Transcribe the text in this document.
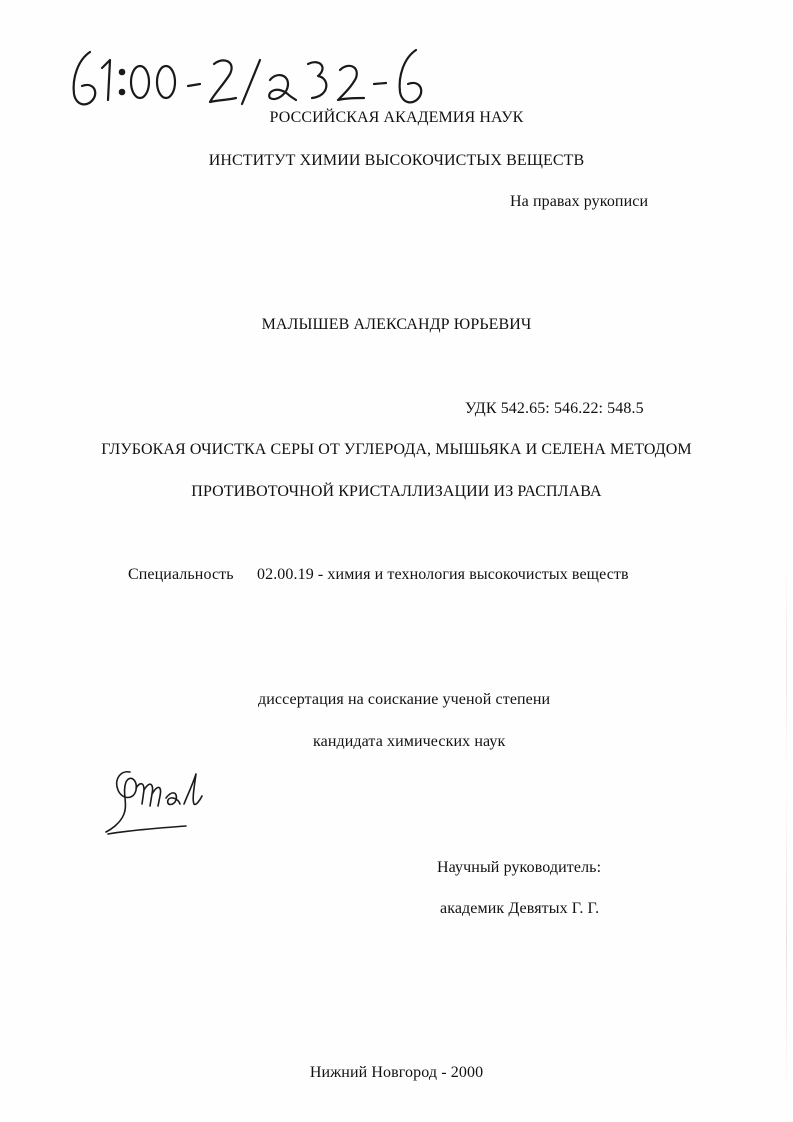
РОССИЙСКАЯ АКАДЕМИЯ НАУК
ИНСТИТУТ ХИМИИ ВЫСОКОЧИСТЫХ ВЕЩЕСТВ
На правах рукописи
МАЛЫШЕВ АЛЕКСАНДР ЮРЬЕВИЧ
УДК 542.65: 546.22: 548.5
ГЛУБОКАЯ ОЧИСТКА СЕРЫ ОТ УГЛЕРОДА, МЫШЬЯКА И СЕЛЕНА МЕТОДОМ
ПРОТИВОТОЧНОЙ КРИСТАЛЛИЗАЦИИ ИЗ РАСПЛАВА
Специальность 02.00.19 - химия и технология высокочистых веществ
диссертация на соискание ученой степени
кандидата химических наук
Научный руководитель:
академик Девятых Г. Г.
Нижний Новгород - 2000
